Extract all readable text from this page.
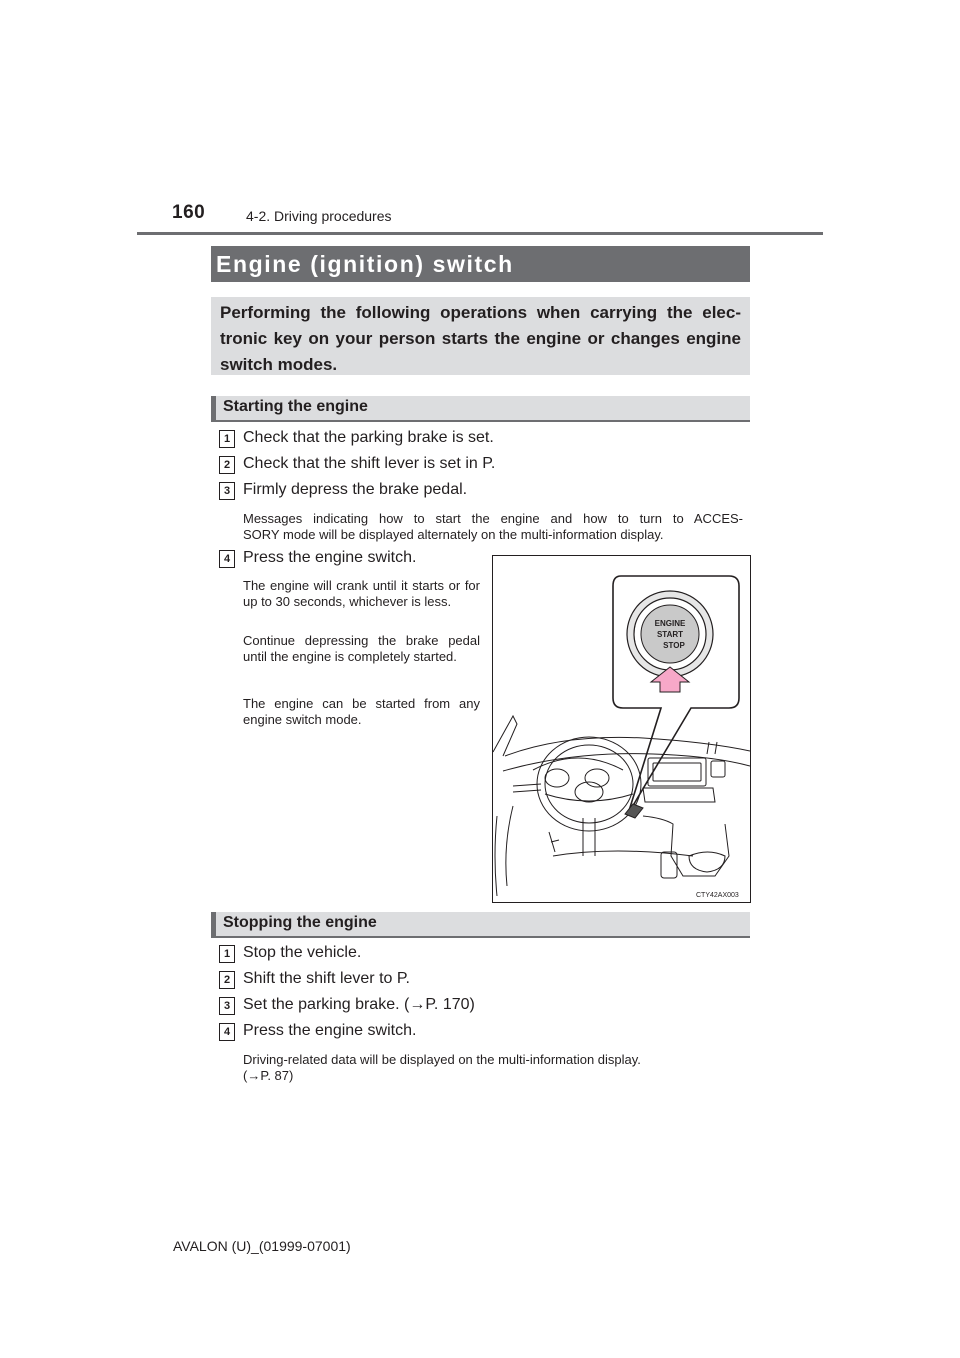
160	4-2. Driving procedures
Engine (ignition) switch
Performing the following operations when carrying the elec-tronic key on your person starts the engine or changes engine switch modes.
Starting the engine
1 Check that the parking brake is set.
2 Check that the shift lever is set in P.
3 Firmly depress the brake pedal.
Messages indicating how to start the engine and how to turn to ACCES-
SORY mode will be displayed alternately on the multi-information display.
4 Press the engine switch.
The engine will crank until it starts or for up to 30 seconds, whichever is less.
Continue depressing the brake pedal until the engine is completely started.
The engine can be started from any engine switch mode.
ENGINE
START
STOP
CTY42AX003
Stopping the engine
1 Stop the vehicle.
2 Shift the shift lever to P.
3 Set the parking brake. (→P. 170)
4 Press the engine switch.
Driving-related data will be displayed on the multi-information display.
(→P. 87)
AVALON (U)_(01999-07001)
